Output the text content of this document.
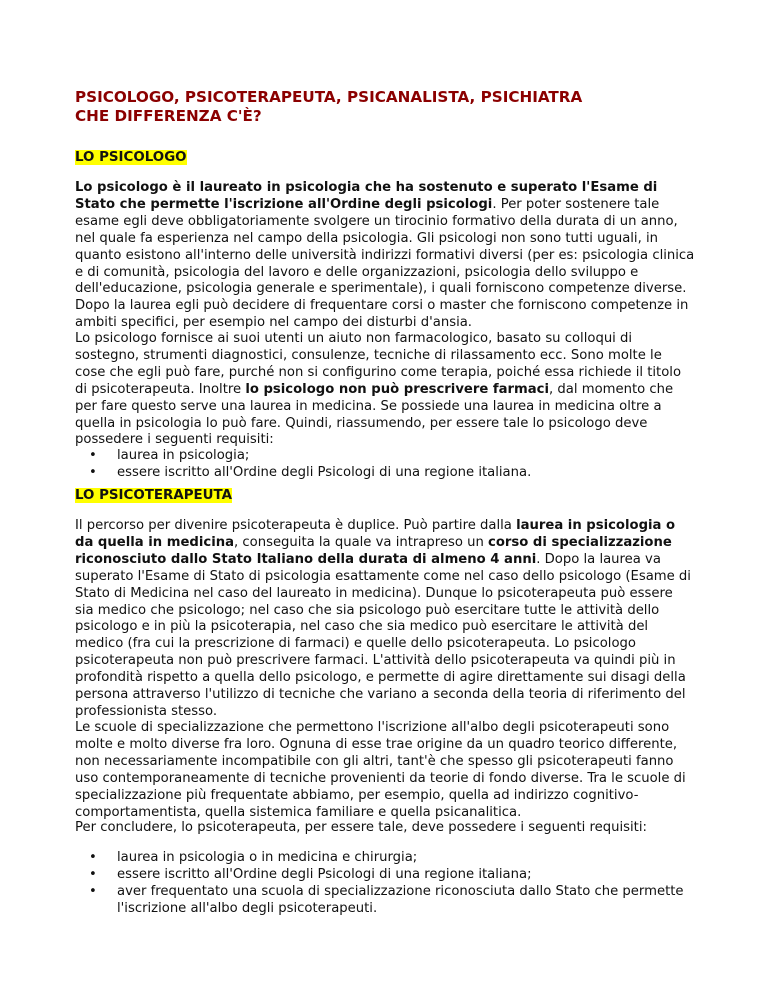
PSICOLOGO, PSICOTERAPEUTA, PSICANALISTA, PSICHIATRA
CHE DIFFERENZA C'È?
LO PSICOLOGO

Lo psicologo è il laureato in psicologia che ha sostenuto e superato l'Esame di Stato che permette l'iscrizione all'Ordine degli psicologi. Per poter sostenere tale esame egli deve obbligatoriamente svolgere un tirocinio formativo della durata di un anno, nel quale fa esperienza nel campo della psicologia. Gli psicologi non sono tutti uguali, in quanto esistono all'interno delle università indirizzi formativi diversi (per es: psicologia clinica e di comunità, psicologia del lavoro e delle organizzazioni, psicologia dello sviluppo e dell'educazione, psicologia generale e sperimentale), i quali forniscono competenze diverse. Dopo la laurea egli può decidere di frequentare corsi o master che forniscono competenze in ambiti specifici, per esempio nel campo dei disturbi d'ansia.

Lo psicologo fornisce ai suoi utenti un aiuto non farmacologico, basato su colloqui di sostegno, strumenti diagnostici, consulenze, tecniche di rilassamento ecc. Sono molte le cose che egli può fare, purché non si configurino come terapia, poiché essa richiede il titolo di psicoterapeuta. Inoltre lo psicologo non può prescrivere farmaci, dal momento che per fare questo serve una laurea in medicina. Se possiede una laurea in medicina oltre a quella in psicologia lo può fare. Quindi, riassumendo, per essere tale lo psicologo deve possedere i seguenti requisiti:

• laurea in psicologia;
• essere iscritto all'Ordine degli Psicologi di una regione italiana.
LO PSICOTERAPEUTA

Il percorso per divenire psicoterapeuta è duplice. Può partire dalla laurea in psicologia o da quella in medicina, conseguita la quale va intrapreso un corso di specializzazione riconosciuto dallo Stato Italiano della durata di almeno 4 anni. Dopo la laurea va superato l'Esame di Stato di psicologia esattamente come nel caso dello psicologo (Esame di Stato di Medicina nel caso del laureato in medicina). Dunque lo psicoterapeuta può essere sia medico che psicologo; nel caso che sia psicologo può esercitare tutte le attività dello psicologo e in più la psicoterapia, nel caso che sia medico può esercitare le attività del medico (fra cui la prescrizione di farmaci) e quelle dello psicoterapeuta. Lo psicologo psicoterapeuta non può prescrivere farmaci. L'attività dello psicoterapeuta va quindi più in profondità rispetto a quella dello psicologo, e permette di agire direttamente sui disagi della persona attraverso l'utilizzo di tecniche che variano a seconda della teoria di riferimento del professionista stesso.

Le scuole di specializzazione che permettono l'iscrizione all'albo degli psicoterapeuti sono molte e molto diverse fra loro. Ognuna di esse trae origine da un quadro teorico differente, non necessariamente incompatibile con gli altri, tant'è che spesso gli psicoterapeuti fanno uso contemporaneamente di tecniche provenienti da teorie di fondo diverse. Tra le scuole di specializzazione più frequentate abbiamo, per esempio, quella ad indirizzo cognitivo-comportamentista, quella sistemica familiare e quella psicanalitica.

Per concludere, lo psicoterapeuta, per essere tale, deve possedere i seguenti requisiti:

• laurea in psicologia o in medicina e chirurgia;
• essere iscritto all'Ordine degli Psicologi di una regione italiana;
• aver frequentato una scuola di specializzazione riconosciuta dallo Stato che permette l'iscrizione all'albo degli psicoterapeuti.
